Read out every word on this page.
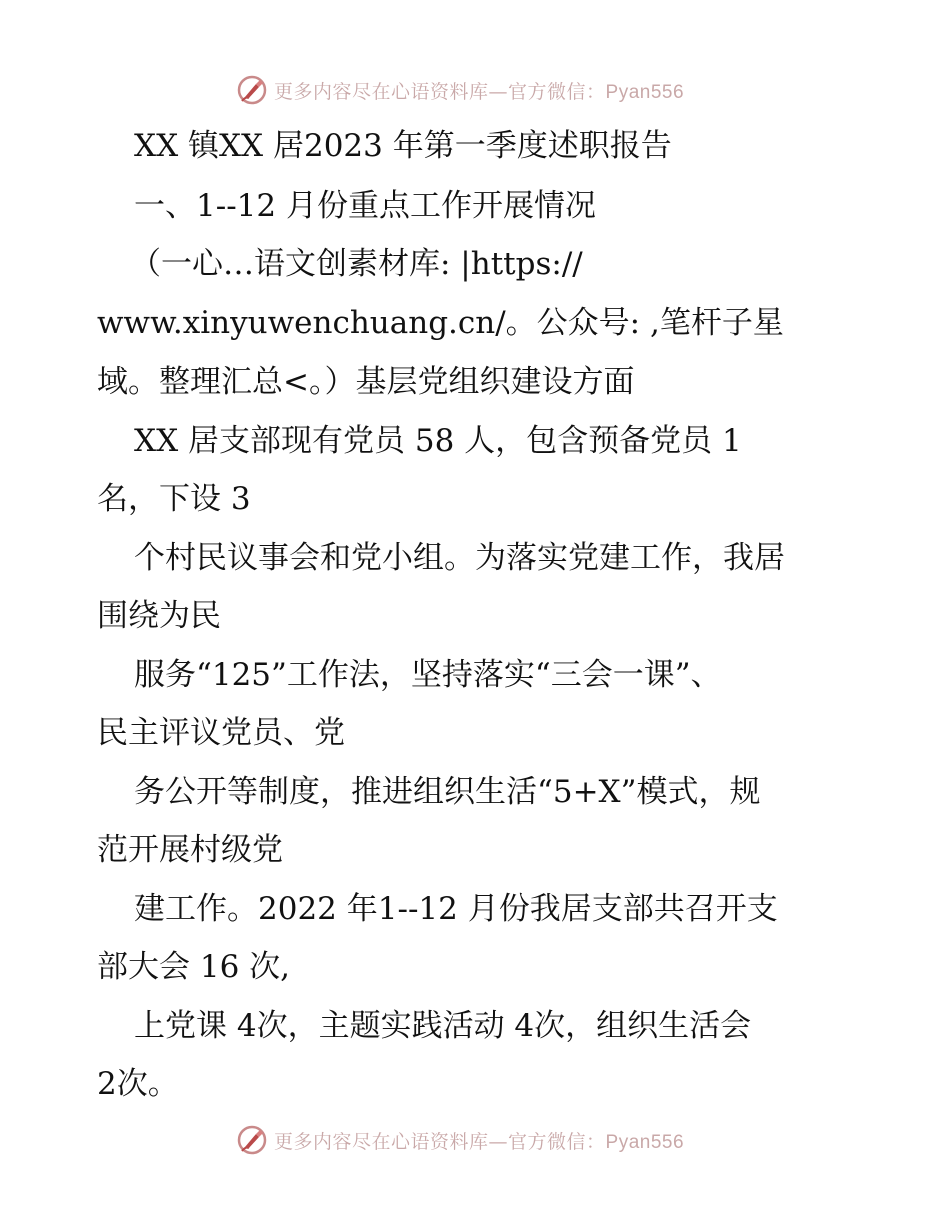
更多内容尽在心语资料库—官方微信：Pyan556
XX 镇XX 居2023 年第一季度述职报告
一、1--12 月份重点工作开展情况
（一心…语文创素材库: |https://
www.xinyuwenchuang.cn/。公众号: ,笔杆子星
域。整理汇总<。）基层党组织建设方面
XX 居支部现有党员 58 人，包含预备党员 1
名，下设 3
个村民议事会和党小组。为落实党建工作，我居
围绕为民
服务“125”工作法，坚持落实“三会一课”、
民主评议党员、党
务公开等制度，推进组织生活“5+X”模式，规
范开展村级党
建工作。2022 年1--12 月份我居支部共召开支
部大会 16 次,
上党课 4次，主题实践活动 4次，组织生活会
2次。
更多内容尽在心语资料库—官方微信：Pyan556
